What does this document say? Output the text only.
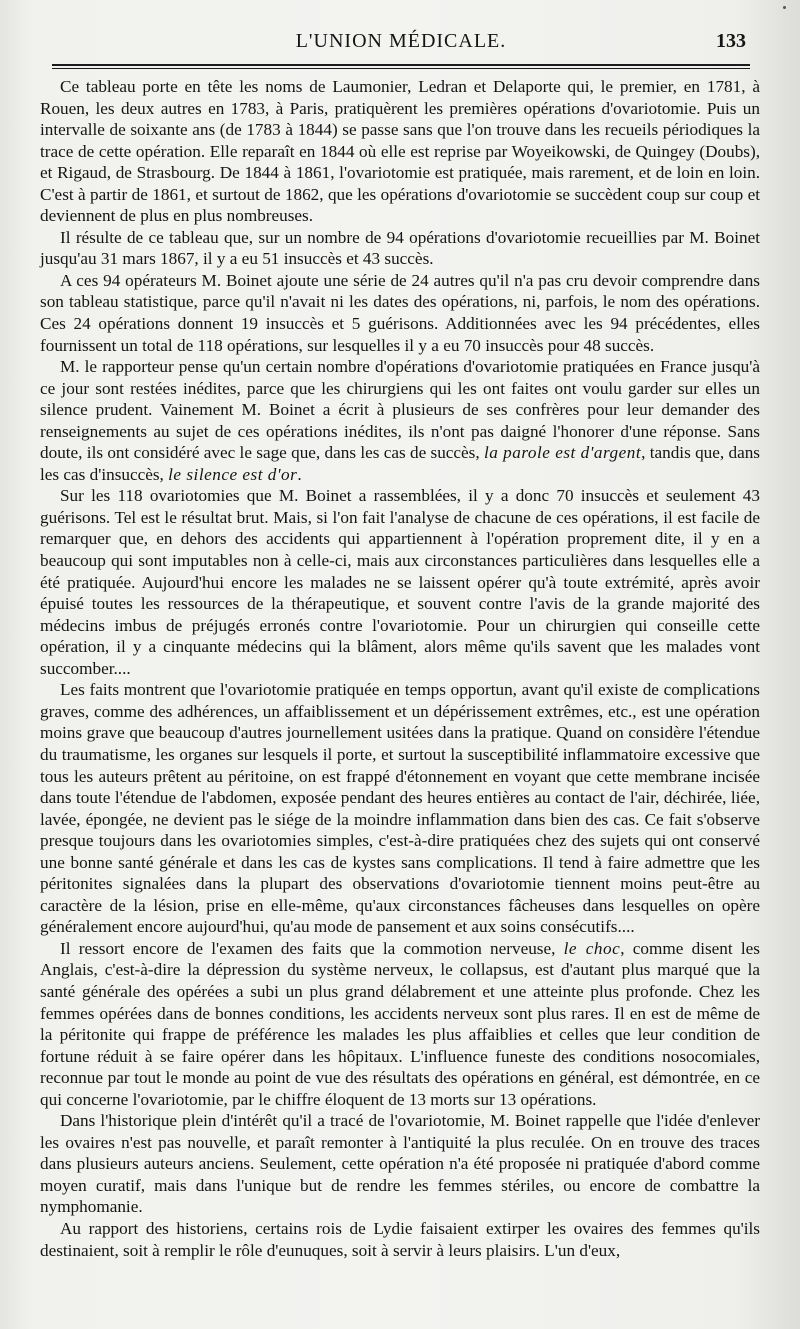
L'UNION MÉDICALE.	133

Ce tableau porte en tête les noms de Laumonier, Ledran et Delaporte qui, le premier, en 1781, à Rouen, les deux autres en 1783, à Paris, pratiquèrent les premières opérations d'ovariotomie. Puis un intervalle de soixante ans (de 1783 à 1844) se passe sans que l'on trouve dans les recueils périodiques la trace de cette opération. Elle reparaît en 1844 où elle est reprise par Woyeikowski, de Quingey (Doubs), et Rigaud, de Strasbourg. De 1844 à 1861, l'ovariotomie est pratiquée, mais rarement, et de loin en loin. C'est à partir de 1861, et surtout de 1862, que les opérations d'ovariotomie se succèdent coup sur coup et deviennent de plus en plus nombreuses.

Il résulte de ce tableau que, sur un nombre de 94 opérations d'ovariotomie recueillies par M. Boinet jusqu'au 31 mars 1867, il y a eu 51 insuccès et 43 succès.

A ces 94 opérateurs M. Boinet ajoute une série de 24 autres qu'il n'a pas cru devoir comprendre dans son tableau statistique, parce qu'il n'avait ni les dates des opérations, ni, parfois, le nom des opérations. Ces 24 opérations donnent 19 insuccès et 5 guérisons. Additionnées avec les 94 précédentes, elles fournissent un total de 118 opérations, sur lesquelles il y a eu 70 insuccès pour 48 succès.

M. le rapporteur pense qu'un certain nombre d'opérations d'ovariotomie pratiquées en France jusqu'à ce jour sont restées inédites, parce que les chirurgiens qui les ont faites ont voulu garder sur elles un silence prudent. Vainement M. Boinet a écrit à plusieurs de ses confrères pour leur demander des renseignements au sujet de ces opérations inédites, ils n'ont pas daigné l'honorer d'une réponse. Sans doute, ils ont considéré avec le sage que, dans les cas de succès, la parole est d'argent, tandis que, dans les cas d'insuccès, le silence est d'or.

Sur les 118 ovariotomies que M. Boinet a rassemblées, il y a donc 70 insuccès et seulement 43 guérisons. Tel est le résultat brut. Mais, si l'on fait l'analyse de chacune de ces opérations, il est facile de remarquer que, en dehors des accidents qui appartiennent à l'opération proprement dite, il y en a beaucoup qui sont imputables non à celle-ci, mais aux circonstances particulières dans lesquelles elle a été pratiquée. Aujourd'hui encore les malades ne se laissent opérer qu'à toute extrémité, après avoir épuisé toutes les ressources de la thérapeutique, et souvent contre l'avis de la grande majorité des médecins imbus de préjugés erronés contre l'ovariotomie. Pour un chirurgien qui conseille cette opération, il y a cinquante médecins qui la blâment, alors même qu'ils savent que les malades vont succomber....

Les faits montrent que l'ovariotomie pratiquée en temps opportun, avant qu'il existe de complications graves, comme des adhérences, un affaiblissement et un dépérissement extrêmes, etc., est une opération moins grave que beaucoup d'autres journellement usitées dans la pratique. Quand on considère l'étendue du traumatisme, les organes sur lesquels il porte, et surtout la susceptibilité inflammatoire excessive que tous les auteurs prêtent au péritoine, on est frappé d'étonnement en voyant que cette membrane incisée dans toute l'étendue de l'abdomen, exposée pendant des heures entières au contact de l'air, déchirée, liée, lavée, épongée, ne devient pas le siége de la moindre inflammation dans bien des cas. Ce fait s'observe presque toujours dans les ovariotomies simples, c'est-à-dire pratiquées chez des sujets qui ont conservé une bonne santé générale et dans les cas de kystes sans complications. Il tend à faire admettre que les péritonites signalées dans la plupart des observations d'ovariotomie tiennent moins peut-être au caractère de la lésion, prise en elle-même, qu'aux circonstances fâcheuses dans lesquelles on opère généralement encore aujourd'hui, qu'au mode de pansement et aux soins consécutifs....

Il ressort encore de l'examen des faits que la commotion nerveuse, le choc, comme disent les Anglais, c'est-à-dire la dépression du système nerveux, le collapsus, est d'autant plus marqué que la santé générale des opérées a subi un plus grand délabrement et une atteinte plus profonde. Chez les femmes opérées dans de bonnes conditions, les accidents nerveux sont plus rares. Il en est de même de la péritonite qui frappe de préférence les malades les plus affaiblies et celles que leur condition de fortune réduit à se faire opérer dans les hôpitaux. L'influence funeste des conditions nosocomiales, reconnue par tout le monde au point de vue des résultats des opérations en général, est démontrée, en ce qui concerne l'ovariotomie, par le chiffre éloquent de 13 morts sur 13 opérations.

Dans l'historique plein d'intérêt qu'il a tracé de l'ovariotomie, M. Boinet rappelle que l'idée d'enlever les ovaires n'est pas nouvelle, et paraît remonter à l'antiquité la plus reculée. On en trouve des traces dans plusieurs auteurs anciens. Seulement, cette opération n'a été proposée ni pratiquée d'abord comme moyen curatif, mais dans l'unique but de rendre les femmes stériles, ou encore de combattre la nymphomanie.

Au rapport des historiens, certains rois de Lydie faisaient extirper les ovaires des femmes qu'ils destinaient, soit à remplir le rôle d'eunuques, soit à servir à leurs plaisirs. L'un d'eux,
